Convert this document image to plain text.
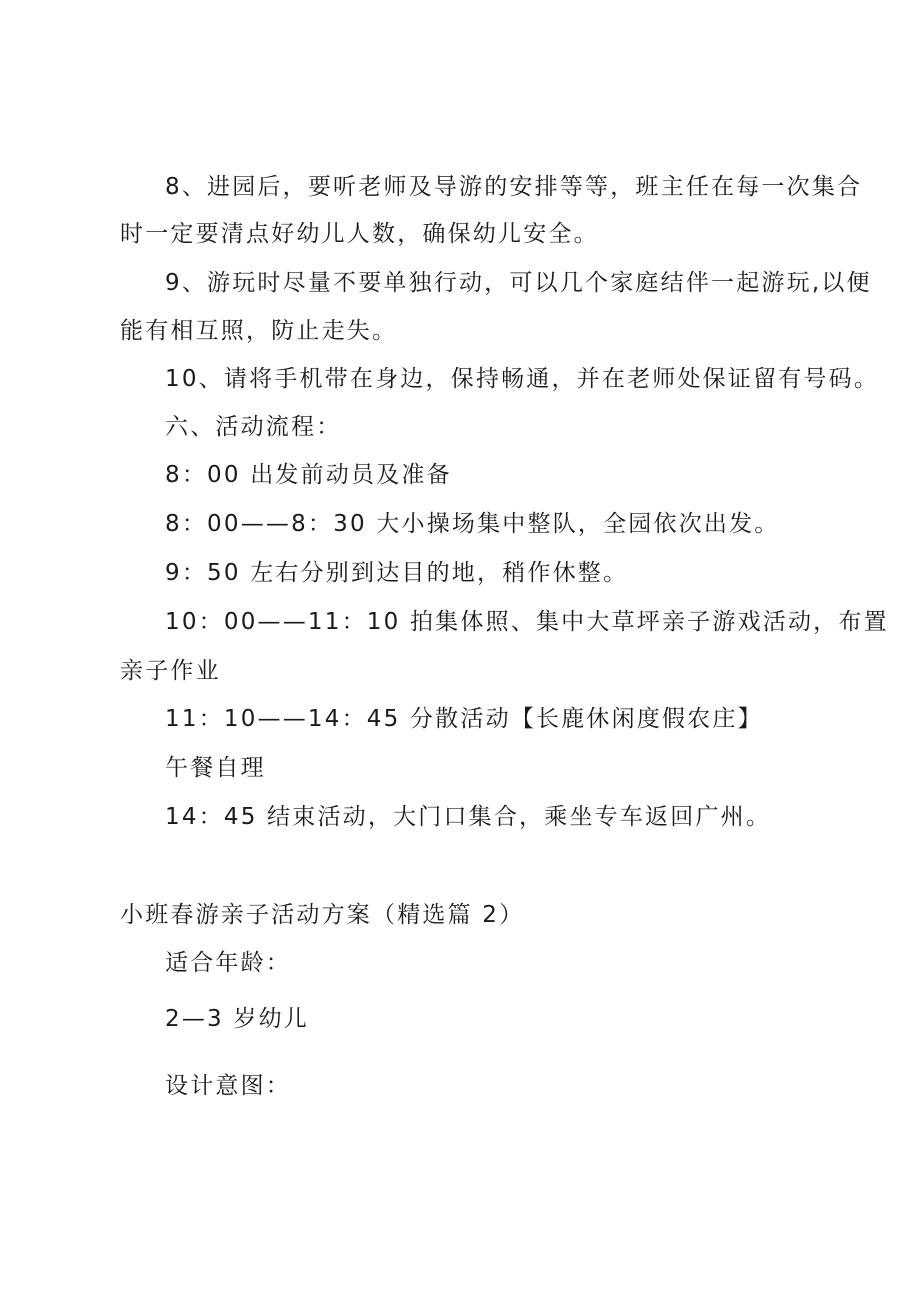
8、进园后，要听老师及导游的安排等等，班主任在每一次集合
时一定要清点好幼儿人数，确保幼儿安全。
9、游玩时尽量不要单独行动，可以几个家庭结伴一起游玩,以便
能有相互照，防止走失。
10、请将手机带在身边，保持畅通，并在老师处保证留有号码。
六、活动流程：
8：00 出发前动员及准备
8：00——8：30 大小操场集中整队，全园依次出发。
9：50 左右分别到达目的地，稍作休整。
10：00——11：10 拍集体照、集中大草坪亲子游戏活动，布置
亲子作业
11：10——14：45 分散活动【长鹿休闲度假农庄】
午餐自理
14：45 结束活动，大门口集合，乘坐专车返回广州。
小班春游亲子活动方案（精选篇 2）
适合年龄：
2—3 岁幼儿
设计意图：
